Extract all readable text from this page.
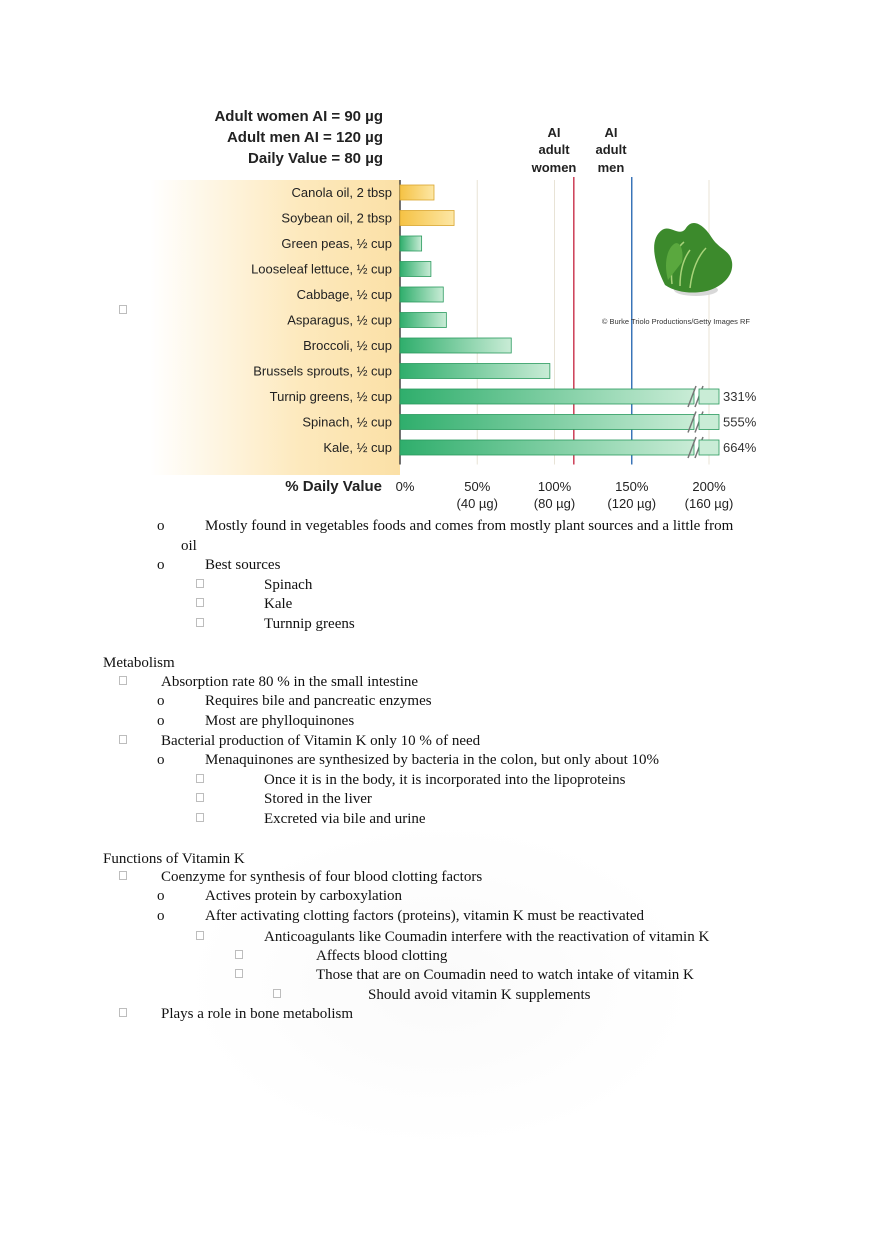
Adult women AI = 90 µg
Adult men AI = 120 µg
Daily Value = 80 µg
AI
adult
women
AI
adult
men
Canola oil, 2 tbsp
Soybean oil, 2 tbsp
Green peas, ½ cup
Looseleaf lettuce, ½ cup
Cabbage, ½ cup
Asparagus, ½ cup
Broccoli, ½ cup
Brussels sprouts, ½ cup
331%
Turnip greens, ½ cup
555%
Spinach, ½ cup
664%
Kale, ½ cup
0%	50%
(40 µg)
100%
(80 µg)
150%
(120 µg)
200%
(160 µg)
© Burke Triolo Productions/Getty Images RF
% Daily Value
o	Mostly found in vegetables foods and comes from mostly plant sources and a little from
oil
o	Best sources
Spinach
Kale
Turnnip greens
Metabolism
Absorption rate 80 % in the small intestine
o	Requires bile and pancreatic enzymes
o	Most are phylloquinones
Bacterial production of Vitamin K only 10 % of need
o	Menaquinones are synthesized by bacteria in the colon, but only about 10%
Once it is in the body, it is incorporated into the lipoproteins
Stored in the liver
Excreted via bile and urine
Functions of Vitamin K
Coenzyme for synthesis of four blood clotting factors
o	Actives protein by carboxylation
o	After activating clotting factors (proteins), vitamin K must be reactivated
Anticoagulants like Coumadin interfere with the reactivation of vitamin K
Affects blood clotting
Those that are on Coumadin need to watch intake of vitamin K
Should avoid vitamin K supplements
Plays a role in bone metabolism
